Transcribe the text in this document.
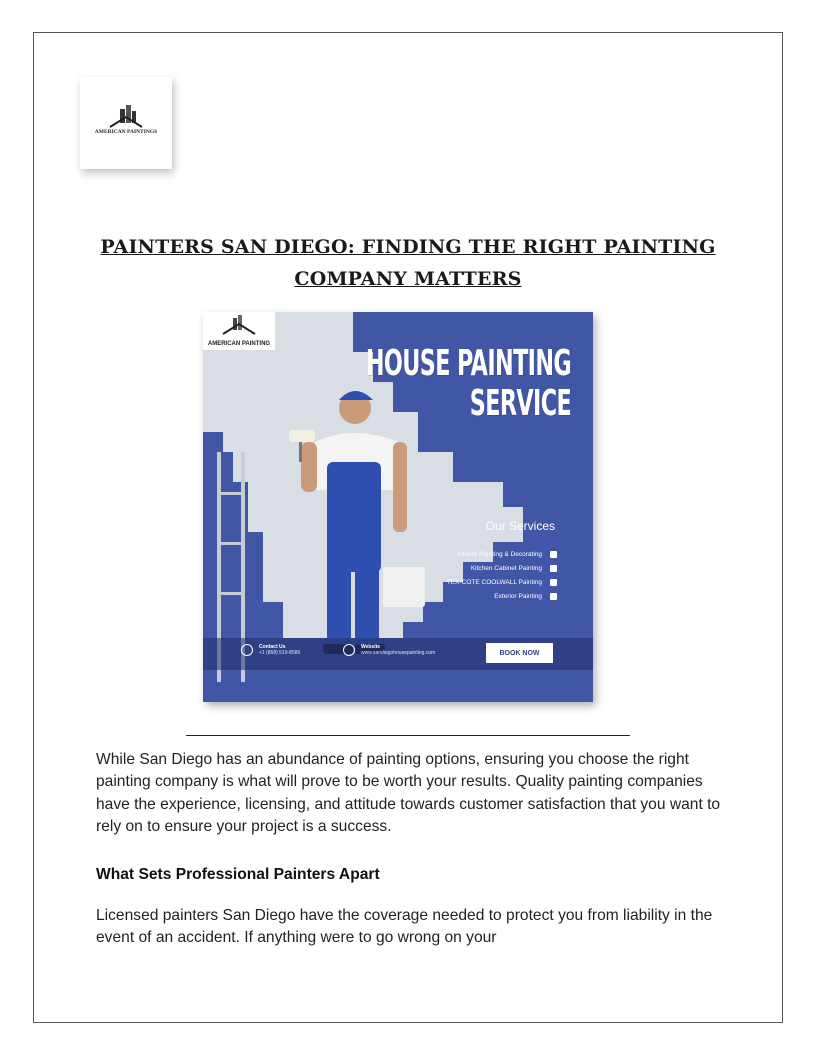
AMERICAN PAINTINGS
PAINTERS SAN DIEGO: FINDING THE RIGHT PAINTING COMPANY MATTERS
AMERICAN PAINTING	HOUSE PAINTING
SERVICE
Our Services
Interior Painting & Decorating
Kitchen Cabinet Painting
TEX-COTE COOLWALL Painting
Exterior Painting
Contact Us
+1 (858) 519-8586
Website
www.sandiegohousepainting.com	BOOK NOW

While San Diego has an abundance of painting options, ensuring you choose the right painting company is what will prove to be worth your results. Quality painting companies have the experience, licensing, and attitude towards customer satisfaction that you want to rely on to ensure your project is a success.

What Sets Professional Painters Apart

Licensed painters San Diego have the coverage needed to protect you from liability in the event of an accident. If anything were to go wrong on your
